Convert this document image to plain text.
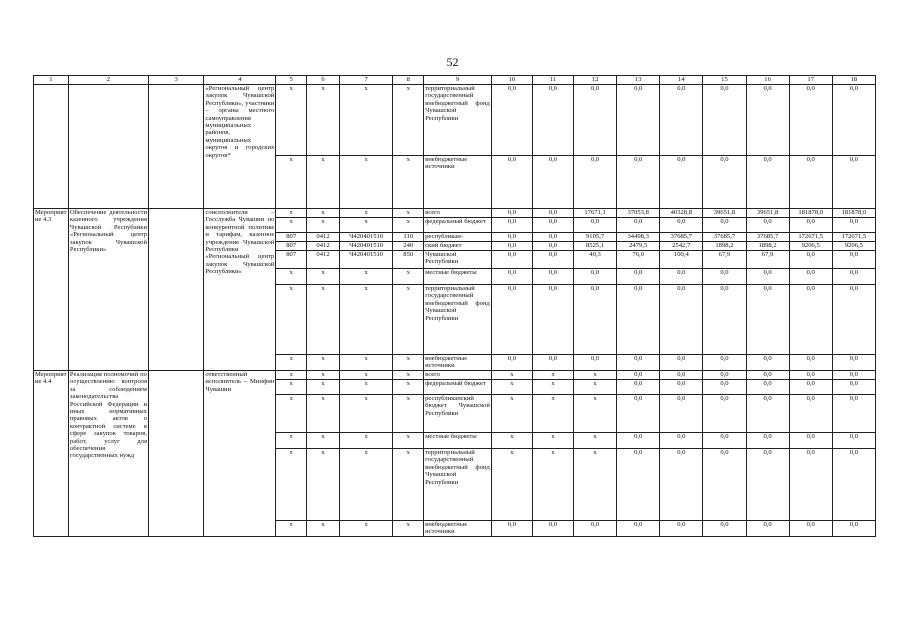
52
1	2	3	4	5	6	7	8	9	10	11	12	13	14	15	16	17	18
			«Региональный центр закупок Чувашской Республики», участники – органы местного самоуправления муниципальных районов, муниципальных округов и городских округов*	x	x	x	x	территориальный государственный внебюджетный фонд Чувашской Республики	0,0	0,0	0,0	0,0	0,0	0,0	0,0	0,0	0,0
				x	x	x	x	внебюджетные источники	0,0	0,0	0,0	0,0	0,0	0,0	0,0	0,0	0,0
Мероприятие 4.3	Обеспечение деятельности казенного учреждения Чувашской Республики «Региональный центр закупок Чувашской Республики»		соисполнители – Госслужба Чувашии по конкурентной политике и тарифам, казенное учреждение Чувашской Республики «Региональный центр закупок Чувашской Республики»	x	x	x	x	всего	0,0	0,0	17671,1	37053,8	40328,8	39651,8	39651,8	181878,0	181878,0
				x	x	x	x	федеральный бюджет	0,0	0,0	0,0	0,0	0,0	0,0	0,0	0,0	0,0
				807	0412	Ч420401510	110	республикан-	0,0	0,0	9105,7	34498,3	37685,7	37685,7	37685,7	172671,5	172671,5
				807	0412	Ч420401510	240	ский бюджет	0,0	0,0	8525,1	2479,5	2542,7	1898,2	1898,2	9206,5	9206,5
				807	0412	Ч420401510	850	Чувашской Республики	0,0	0,0	40,3	76,0	100,4	67,9	67,9	0,0	0,0
				x	x	x	x	местные бюджеты	0,0	0,0	0,0	0,0	0,0	0,0	0,0	0,0	0,0
				x	x	x	x	территориальный государственный внебюджетный фонд Чувашской Республики	0,0	0,0	0,0	0,0	0,0	0,0	0,0	0,0	0,0
				x	x	x	x	внебюджетные источники	0,0	0,0	0,0	0,0	0,0	0,0	0,0	0,0	0,0
Мероприятие 4.4	Реализация полномочий по осуществлению контроля за соблюдением законодательства Российской Федерации и иных нормативных правовых актов о контрактной системе в сфере закупок товаров, работ, услуг для обеспечения государственных нужд		ответственный исполнитель – Минфин Чувашии	x	x	x	x	всего	x	x	x	0,0	0,0	0,0	0,0	0,0	0,0
				x	x	x	x	федеральный бюджет	x	x	x	0,0	0,0	0,0	0,0	0,0	0,0
				x	x	x	x	республиканский бюджет Чувашской Республики	x	x	x	0,0	0,0	0,0	0,0	0,0	0,0
				x	x	x	x	местные бюджеты	x	x	x	0,0	0,0	0,0	0,0	0,0	0,0
				x	x	x	x	территориальный государственный внебюджетный фонд Чувашской Республики	x	x	x	0,0	0,0	0,0	0,0	0,0	0,0
				x	x	x	x	внебюджетные источники	0,0	0,0	0,0	0,0	0,0	0,0	0,0	0,0	0,0
